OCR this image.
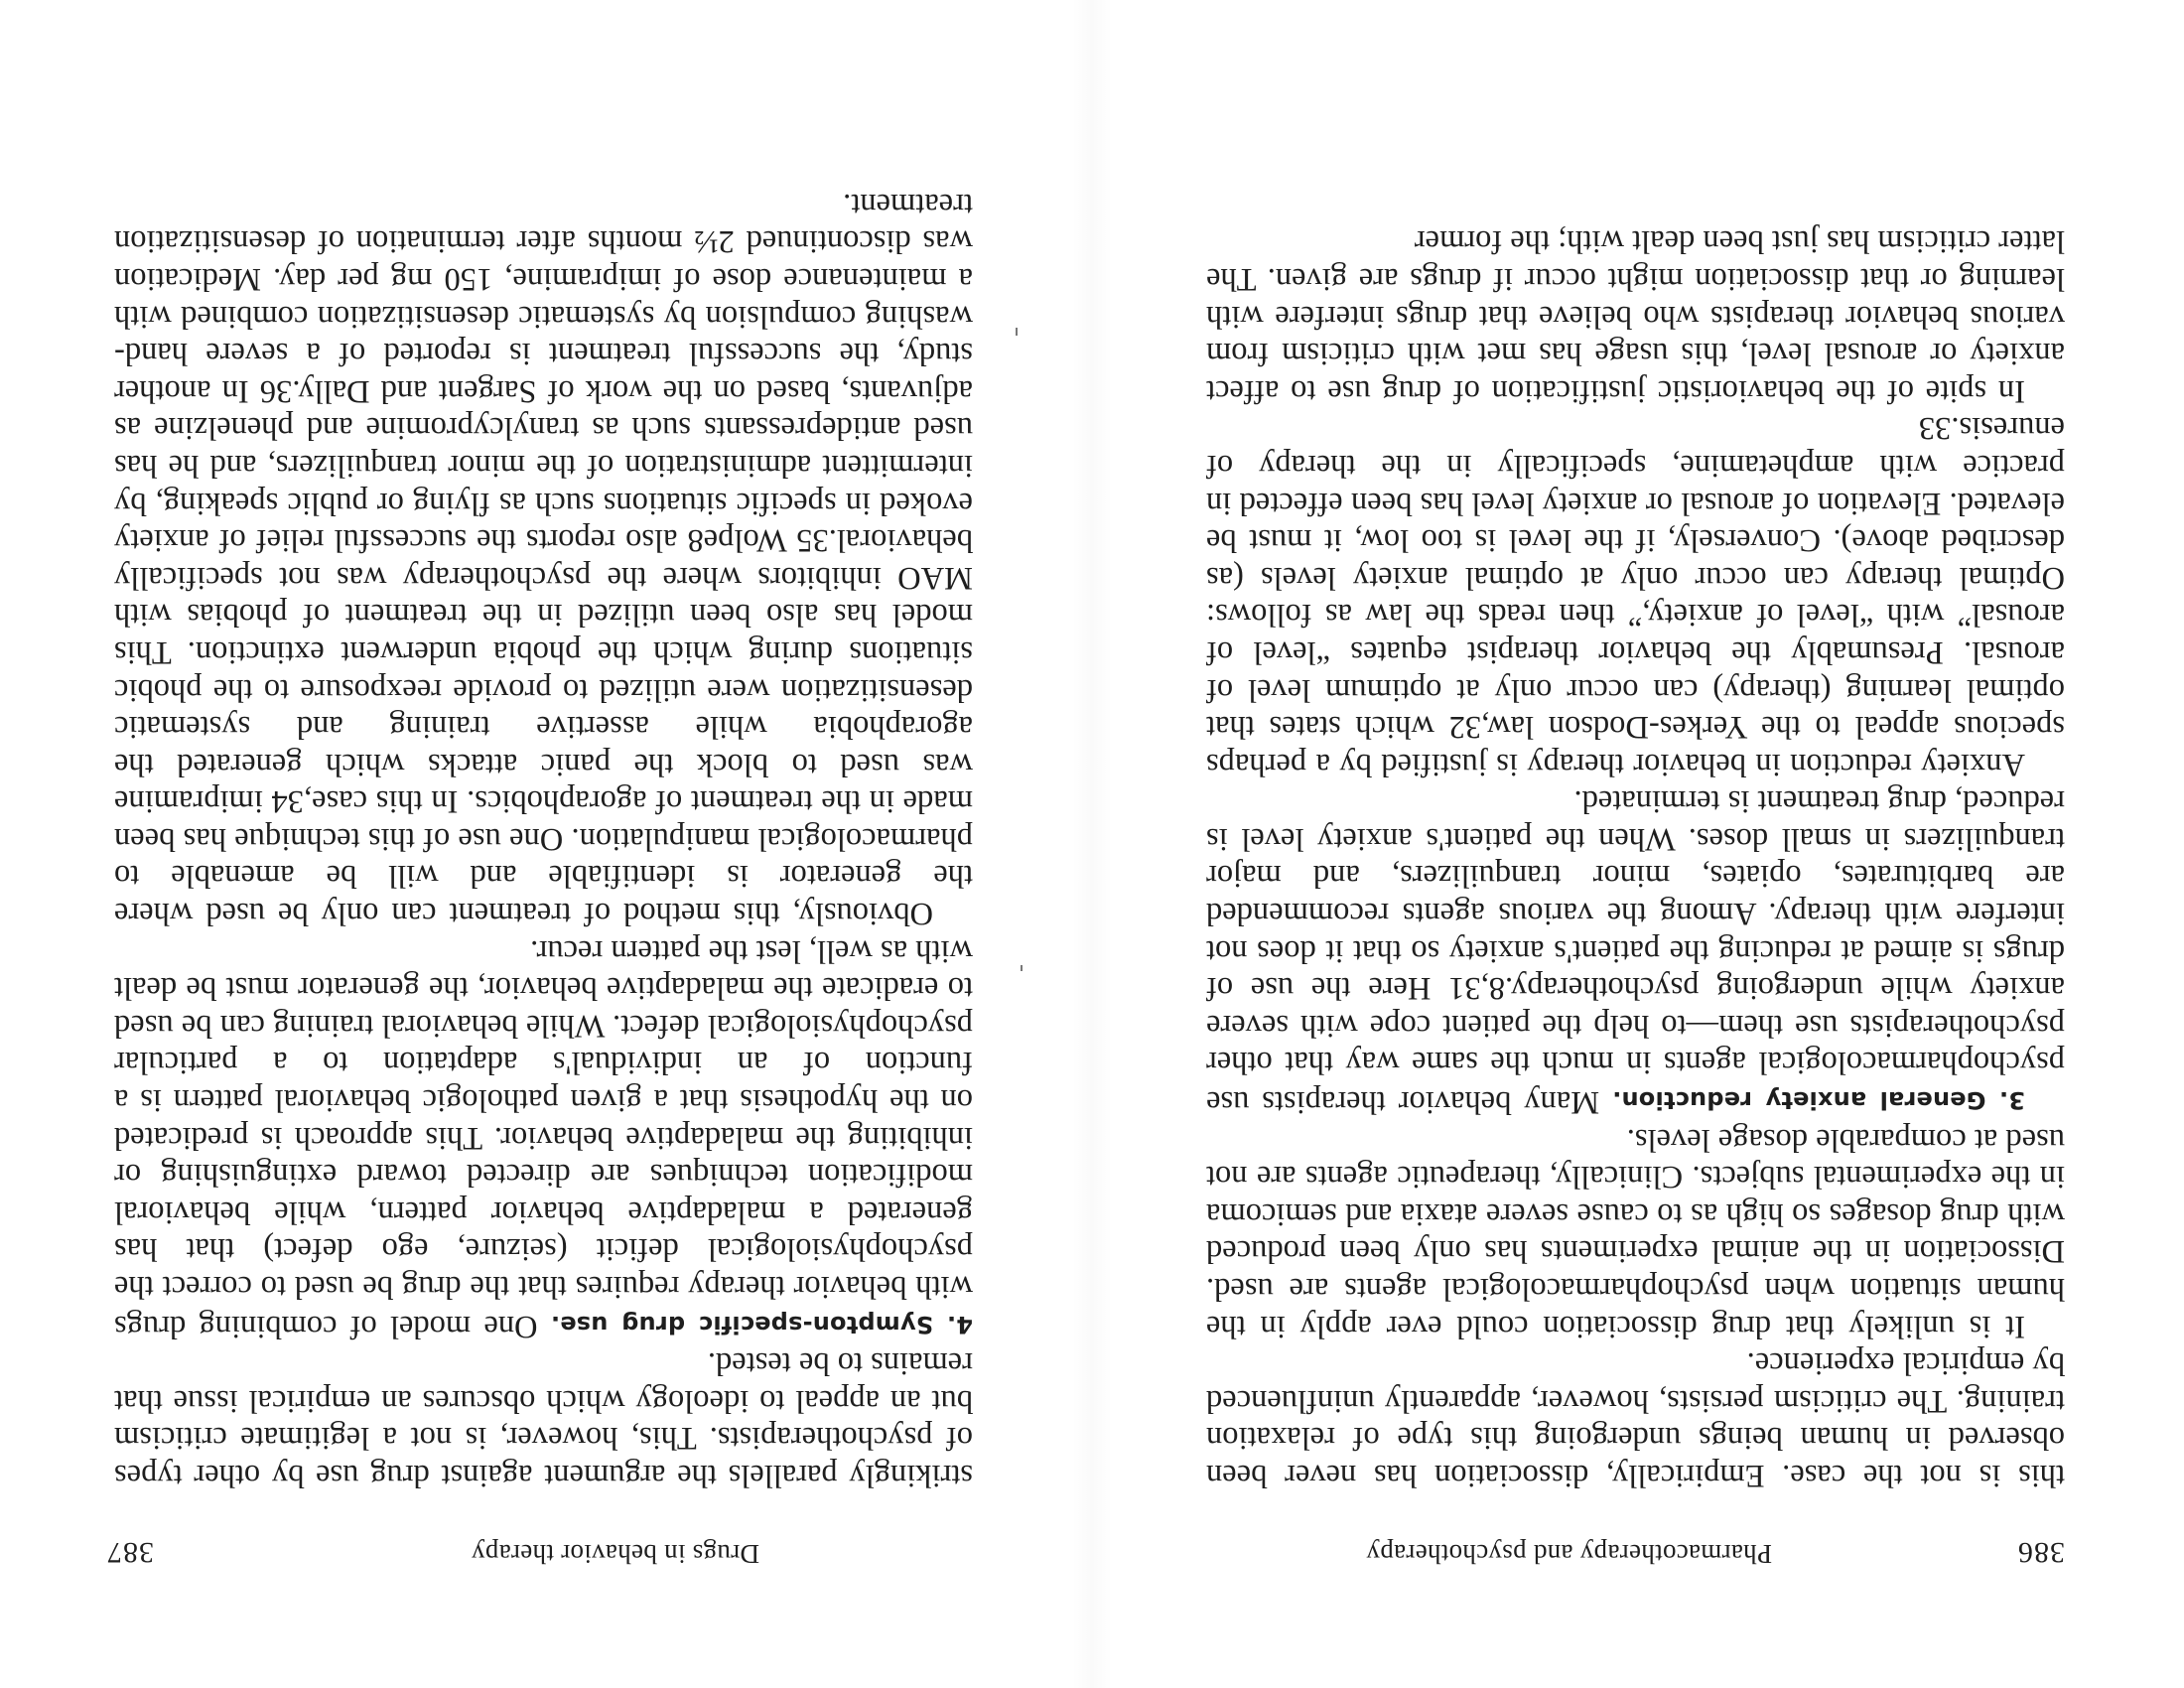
386
Pharmacotherapy and psychotherapy

this is not the case. Empirically, dissociation has never been observed in human beings undergoing this type of relaxation training. The criticism persists, however, apparently uninfluenced by empirical experience.

It is unlikely that drug dissociation could ever apply in the human situation when psychopharmacological agents are used. Dissociation in the animal experiments has only been produced with drug dosages so high as to cause severe ataxia and semicoma in the experimental subjects. Clinically, therapeutic agents are not used at comparable dosage levels.

3. General anxiety reduction. Many behavior therapists use psychopharmacological agents in much the same way that other psychotherapists use them—to help the patient cope with severe anxiety while undergoing psychotherapy.8,31 Here the use of drugs is aimed at reducing the patient's anxiety so that it does not interfere with therapy. Among the various agents recommended are barbiturates, opiates, minor tranquilizers, and major tranquilizers in small doses. When the patient's anxiety level is reduced, drug treatment is terminated.

Anxiety reduction in behavior therapy is justified by a perhaps specious appeal to the Yerkes-Dodson law,32 which states that optimal learning (therapy) can occur only at optimum level of arousal. Presumably the behavior therapist equates “level of arousal” with “level of anxiety,” then reads the law as follows: Optimal therapy can occur only at optimal anxiety levels (as described above). Conversely, if the level is too low, it must be elevated. Elevation of arousal or anxiety level has been effected in practice with amphetamine, specifically in the therapy of enuresis.33

In spite of the behavioristic justification of drug use to affect anxiety or arousal level, this usage has met with criticism from various behavior therapists who believe that drugs interfere with learning or that dissociation might occur if drugs are given. The latter criticism has just been dealt with; the former

Drugs in behavior therapy
387

strikingly parallels the argument against drug use by other types of psychotherapists. This, however, is not a legitimate criticism but an appeal to ideology which obscures an empirical issue that remains to be tested.

4. Sympton-specific drug use. One model of combining drugs with behavior therapy requires that the drug be used to correct the psychophysiological deficit (seizure, ego defect) that has generated a maladaptive behavior pattern, while behavioral modification techniques are directed toward extinguishing or inhibiting the maladaptive behavior. This approach is predicated on the hypothesis that a given pathologic behavioral pattern is a function of an individual's adaptation to a particular psychophysiological defect. While behavioral training can be used to eradicate the maladaptive behavior, the generator must be dealt with as well, lest the pattern recur.

Obviously, this method of treatment can only be used where the generator is identifiable and will be amenable to pharmacological manipulation. One use of this technique has been made in the treatment of agoraphobics. In this case,34 imipramine was used to block the panic attacks which generated the agoraphobia while assertive training and systematic desensitization were utilized to provide reexposure to the phobic situations during which the phobia underwent extinction. This model has also been utilized in the treatment of phobias with MAO inhibitors where the psychotherapy was not specifically behavioral.35 Wolpe8 also reports the successful relief of anxiety evoked in specific situations such as flying or public speaking, by intermittent administration of the minor tranquilizers, and he has used antidepressants such as tranylcypromine and phenelzine as adjuvants, based on the work of Sargent and Dally.36 In another study, the successful treatment is reported of a severe hand-washing compulsion by systematic desensitization combined with a maintenance dose of imipramine, 150 mg per day. Medication was discontinued 2½ months after termination of desensitization treatment.
